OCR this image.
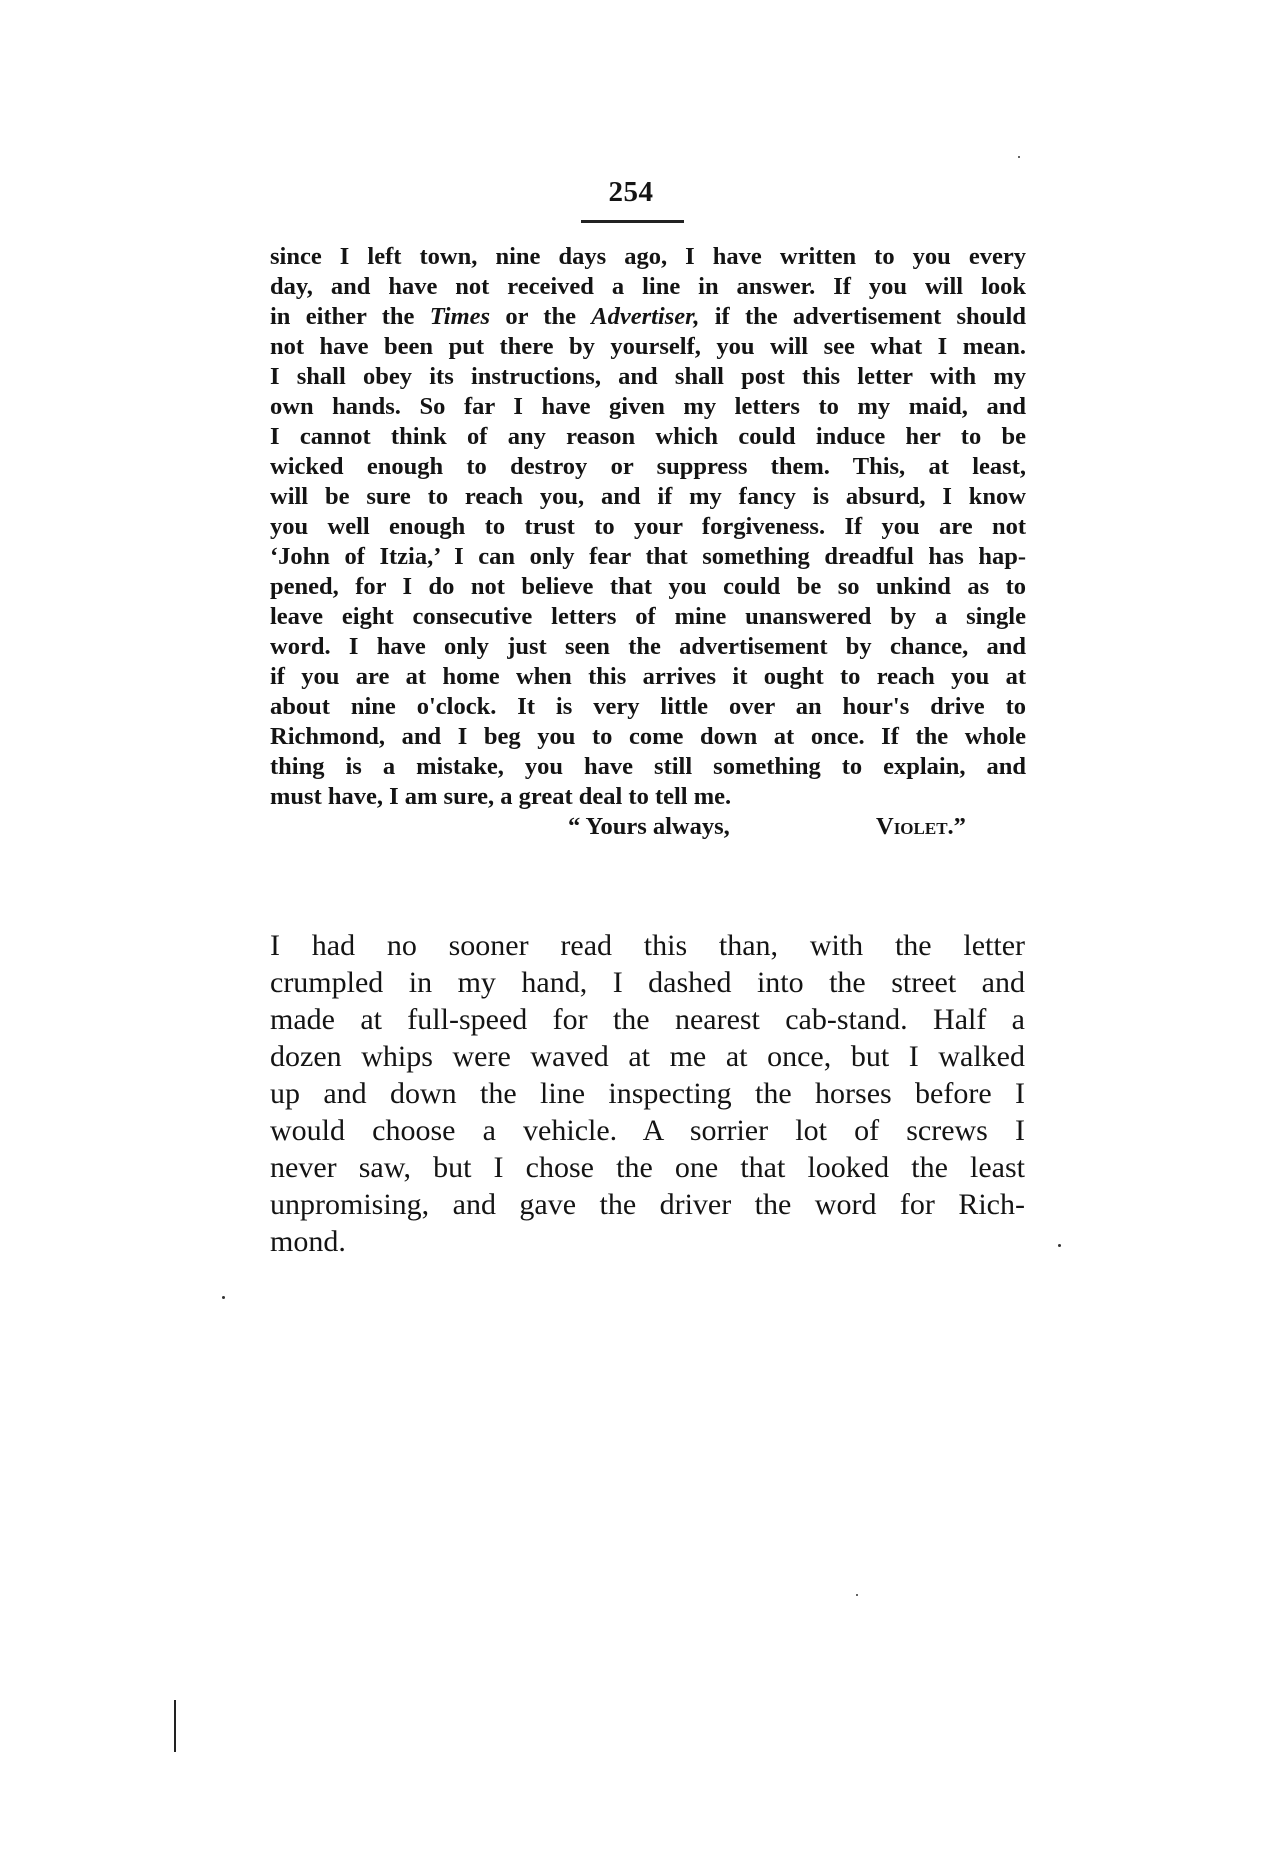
254
since I left town, nine days ago, I have written to you every
day, and have not received a line in answer. If you will look
in either the Times or the Advertiser, if the advertisement should
not have been put there by yourself, you will see what I mean.
I shall obey its instructions, and shall post this letter with my
own hands. So far I have given my letters to my maid, and
I cannot think of any reason which could induce her to be
wicked enough to destroy or suppress them. This, at least,
will be sure to reach you, and if my fancy is absurd, I know
you well enough to trust to your forgiveness. If you are not
‘John of Itzia,’ I can only fear that something dreadful has hap-
pened, for I do not believe that you could be so unkind as to
leave eight consecutive letters of mine unanswered by a single
word. I have only just seen the advertisement by chance, and
if you are at home when this arrives it ought to reach you at
about nine o'clock. It is very little over an hour's drive to
Richmond, and I beg you to come down at once. If the whole
thing is a mistake, you have still something to explain, and
must have, I am sure, a great deal to tell me.
“ Yours always,	Violet.”
I had no sooner read this than, with the letter
crumpled in my hand, I dashed into the street and
made at full-speed for the nearest cab-stand. Half a
dozen whips were waved at me at once, but I walked
up and down the line inspecting the horses before I
would choose a vehicle. A sorrier lot of screws I
never saw, but I chose the one that looked the least
unpromising, and gave the driver the word for Rich-
mond.
